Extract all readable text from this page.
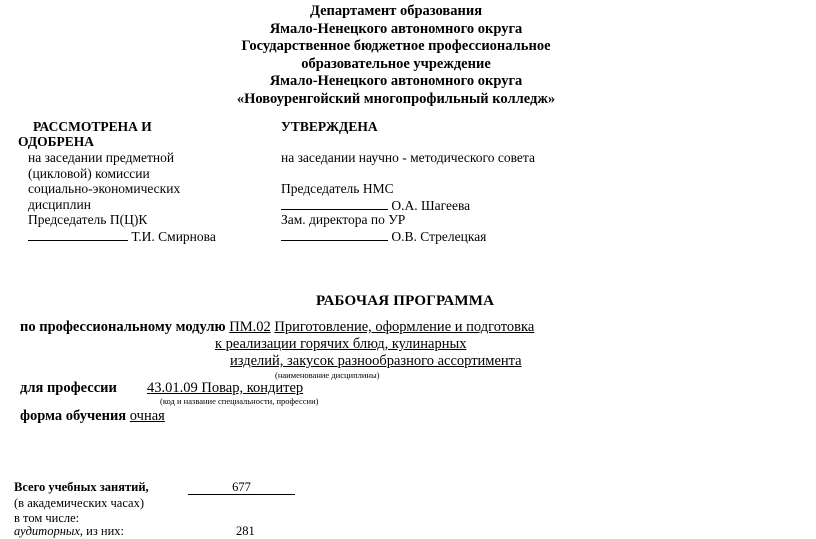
Департамент образования
Ямало-Ненецкого автономного округа
Государственное бюджетное профессиональное
образовательное учреждение
Ямало-Ненецкого автономного округа
«Новоуренгойский многопрофильный колледж»
РАССМОТРЕНА И
ОДОБРЕНА
на заседании предметной
(цикловой) комиссии
социально-экономических
дисциплин
Председатель П(Ц)К
Т.И. Смирнова
УТВЕРЖДЕНА
на заседании научно - методического совета
Председатель НМС
О.А. Шагеева
Зам. директора по УР
О.В. Стрелецкая
РАБОЧАЯ ПРОГРАММА
по профессиональному модулю ПМ.02 Приготовление, оформление и подготовка
к реализации горячих блюд, кулинарных
изделий, закусок разнообразного ассортимента
(наименование дисциплины)
для профессии 43.01.09 Повар, кондитер
(код и название специальности, профессии)
форма обучения очная
Всего учебных занятий,	677
(в академических часах)
в том числе:
аудиторных, из них:	281
